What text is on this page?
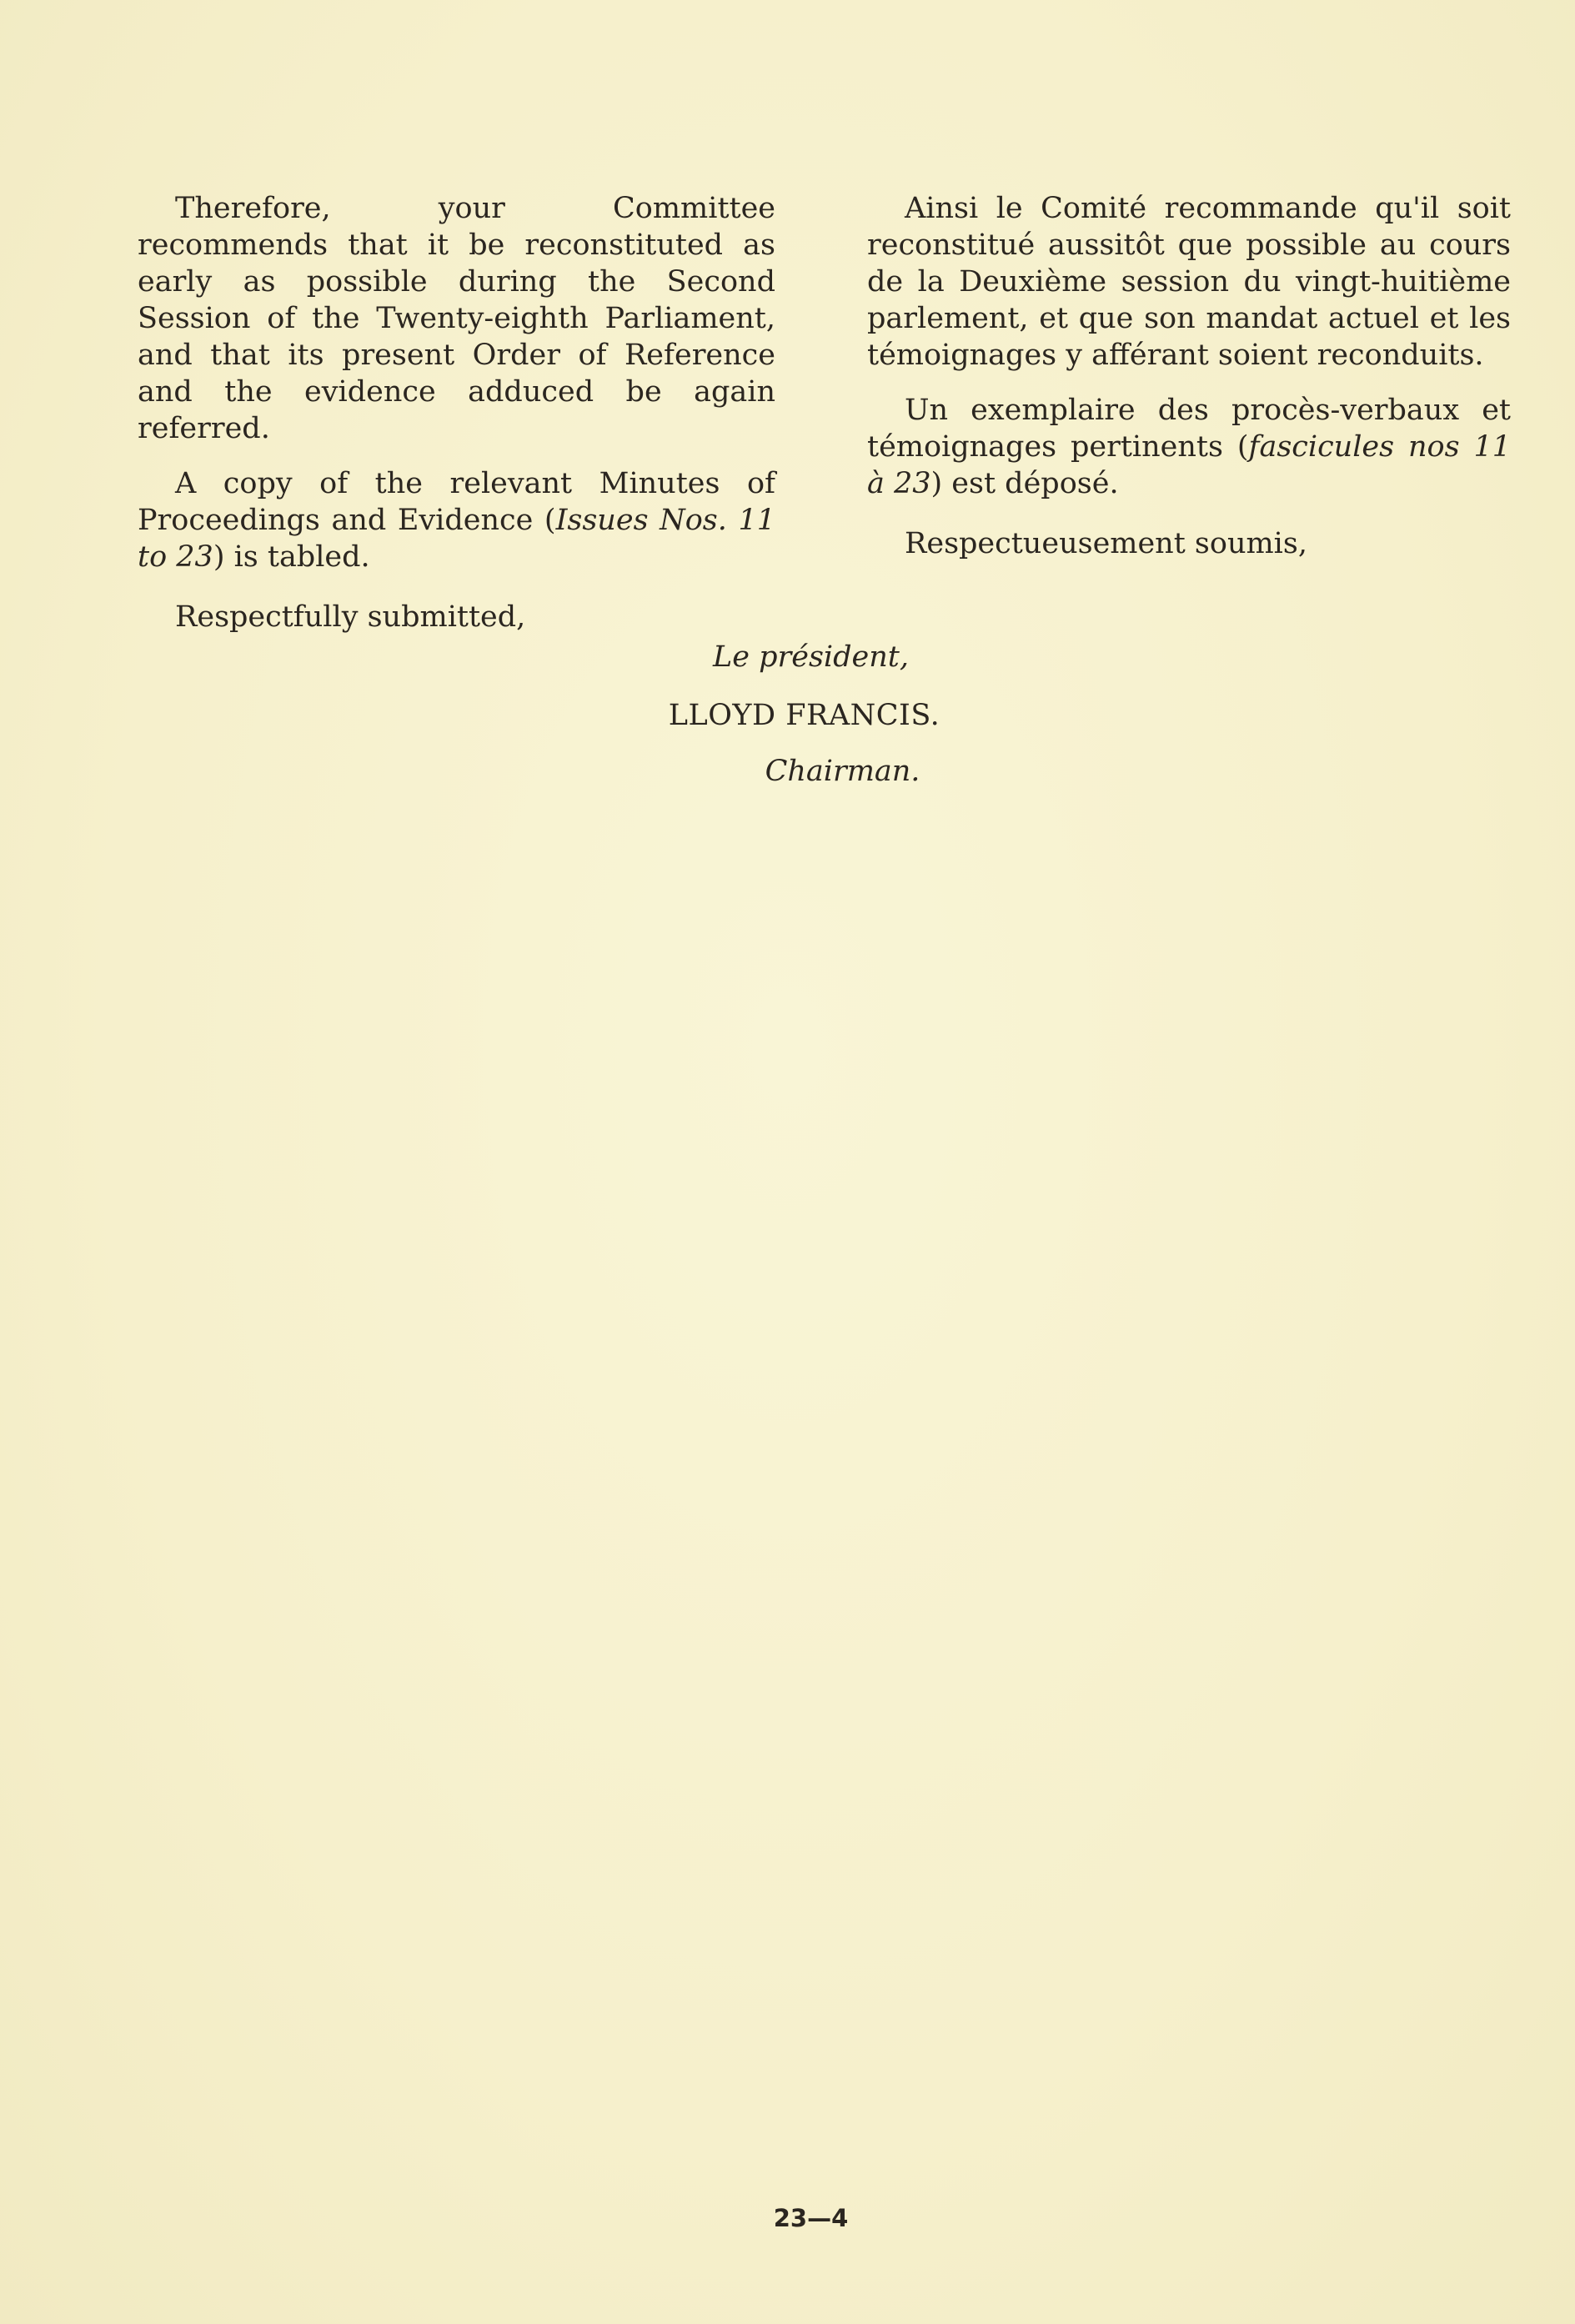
Therefore, your Committee recommends that it be reconstituted as early as possible during the Second Session of the Twenty-eighth Parliament, and that its present Order of Reference and the evidence adduced be again referred.

A copy of the relevant Minutes of Proceedings and Evidence (Issues Nos. 11 to 23) is tabled.

Respectfully submitted,

Ainsi le Comité recommande qu'il soit reconstitué aussitôt que possible au cours de la Deuxième session du vingt-huitième parlement, et que son mandat actuel et les témoignages y afférant soient reconduits.

Un exemplaire des procès-verbaux et témoignages pertinents (fascicules nos 11 à 23) est déposé.

Respectueusement soumis,

Le président,
LLOYD FRANCIS.
Chairman.
23—4
